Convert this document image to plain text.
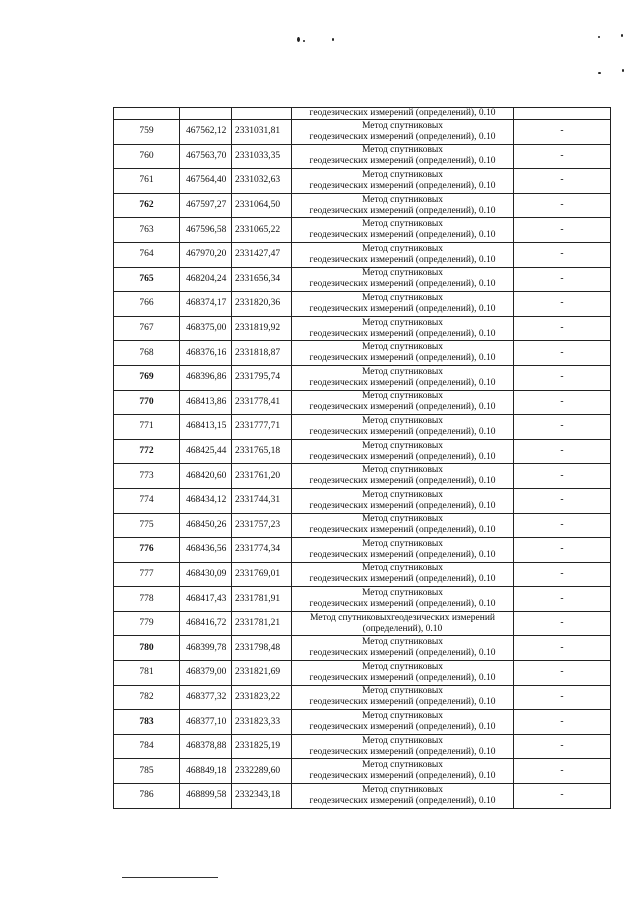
			геодезических измерений (определений), 0.10	

759	467562,12	2331031,81	Метод спутниковых
геодезических измерений (определений), 0.10	-
760	467563,70	2331033,35	Метод спутниковых
геодезических измерений (определений), 0.10	-
761	467564,40	2331032,63	Метод спутниковых
геодезических измерений (определений), 0.10	-
762	467597,27	2331064,50	Метод спутниковых
геодезических измерений (определений), 0.10	-
763	467596,58	2331065,22	Метод спутниковых
геодезических измерений (определений), 0.10	-
764	467970,20	2331427,47	Метод спутниковых
геодезических измерений (определений), 0.10	-
765	468204,24	2331656,34	Метод спутниковых
геодезических измерений (определений), 0.10	-
766	468374,17	2331820,36	Метод спутниковых
геодезических измерений (определений), 0.10	-
767	468375,00	2331819,92	Метод спутниковых
геодезических измерений (определений), 0.10	-
768	468376,16	2331818,87	Метод спутниковых
геодезических измерений (определений), 0.10	-
769	468396,86	2331795,74	Метод спутниковых
геодезических измерений (определений), 0.10	-
770	468413,86	2331778,41	Метод спутниковых
геодезических измерений (определений), 0.10	-
771	468413,15	2331777,71	Метод спутниковых
геодезических измерений (определений), 0.10	-
772	468425,44	2331765,18	Метод спутниковых
геодезических измерений (определений), 0.10	-
773	468420,60	2331761,20	Метод спутниковых
геодезических измерений (определений), 0.10	-
774	468434,12	2331744,31	Метод спутниковых
геодезических измерений (определений), 0.10	-
775	468450,26	2331757,23	Метод спутниковых
геодезических измерений (определений), 0.10	-
776	468436,56	2331774,34	Метод спутниковых
геодезических измерений (определений), 0.10	-
777	468430,09	2331769,01	Метод спутниковых
геодезических измерений (определений), 0.10	-
778	468417,43	2331781,91	Метод спутниковых
геодезических измерений (определений), 0.10	-
779	468416,72	2331781,21	Метод спутниковыхгеодезических измерений
(определений), 0.10	-
780	468399,78	2331798,48	Метод спутниковых
геодезических измерений (определений), 0.10	-
781	468379,00	2331821,69	Метод спутниковых
геодезических измерений (определений), 0.10	-
782	468377,32	2331823,22	Метод спутниковых
геодезических измерений (определений), 0.10	-
783	468377,10	2331823,33	Метод спутниковых
геодезических измерений (определений), 0.10	-
784	468378,88	2331825,19	Метод спутниковых
геодезических измерений (определений), 0.10	-
785	468849,18	2332289,60	Метод спутниковых
геодезических измерений (определений), 0.10	-
786	468899,58	2332343,18	Метод спутниковых
геодезических измерений (определений), 0.10	-
